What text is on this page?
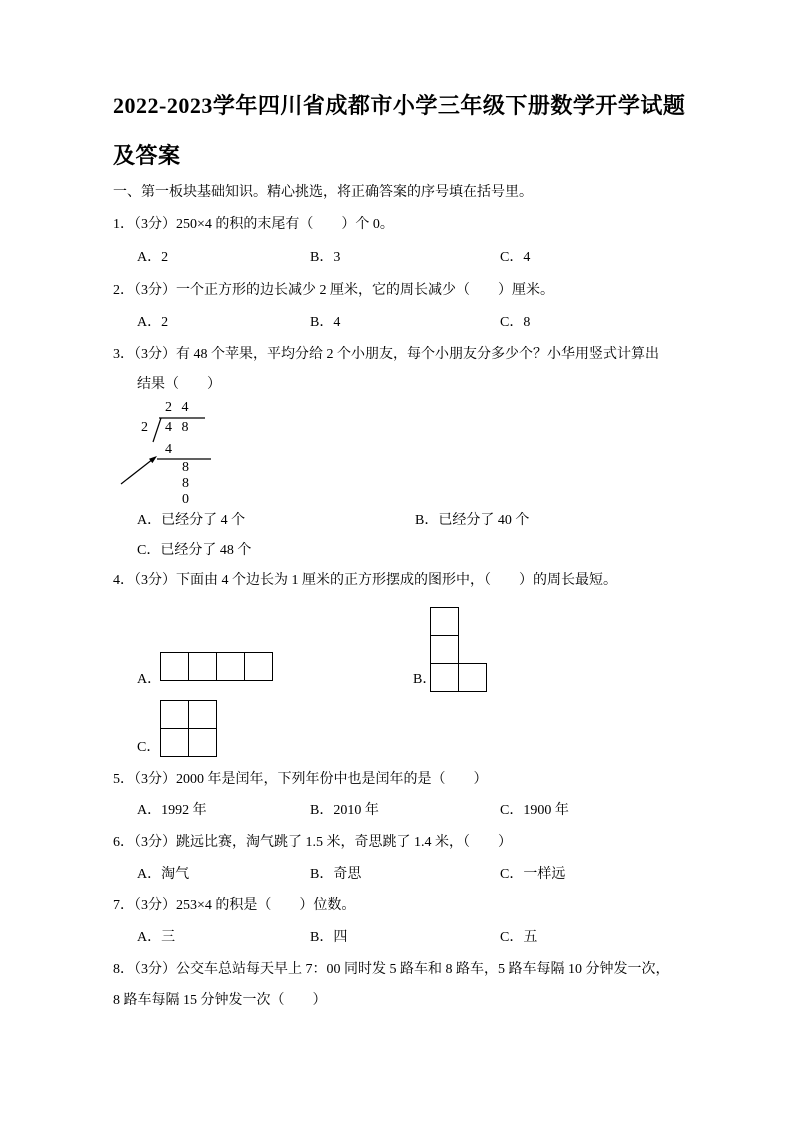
2022-2023学年四川省成都市小学三年级下册数学开学试题
及答案
一、第一板块基础知识。精心挑选，将正确答案的序号填在括号里。
1．（3分）250×4 的积的末尾有（　　）个 0。
A．2	B．3	C．4
2．（3分）一个正方形的边长减少 2 厘米，它的周长减少（　　）厘米。
A．2	B．4	C．8
3．（3分）有 48 个苹果，平均分给 2 个小朋友，每个小朋友分多少个？小华用竖式计算出
结果（　　）
2 4
2 4 8
4
8
8
0
A．已经分了 4 个	B．已经分了 40 个
C．已经分了 48 个
4．（3分）下面由 4 个边长为 1 厘米的正方形摆成的图形中，（　　）的周长最短。
B．
A．
C．
5．（3分）2000 年是闰年，下列年份中也是闰年的是（　　）
A．1992 年	B．2010 年	C．1900 年
6．（3分）跳远比赛，淘气跳了 1.5 米，奇思跳了 1.4 米，（　　）
A．淘气	B．奇思	C．一样远
7．（3分）253×4 的积是（　　）位数。
A．三	B．四	C．五
8．（3分）公交车总站每天早上 7：00 同时发 5 路车和 8 路车，5 路车每隔 10 分钟发一次，
8 路车每隔 15 分钟发一次（　　）
